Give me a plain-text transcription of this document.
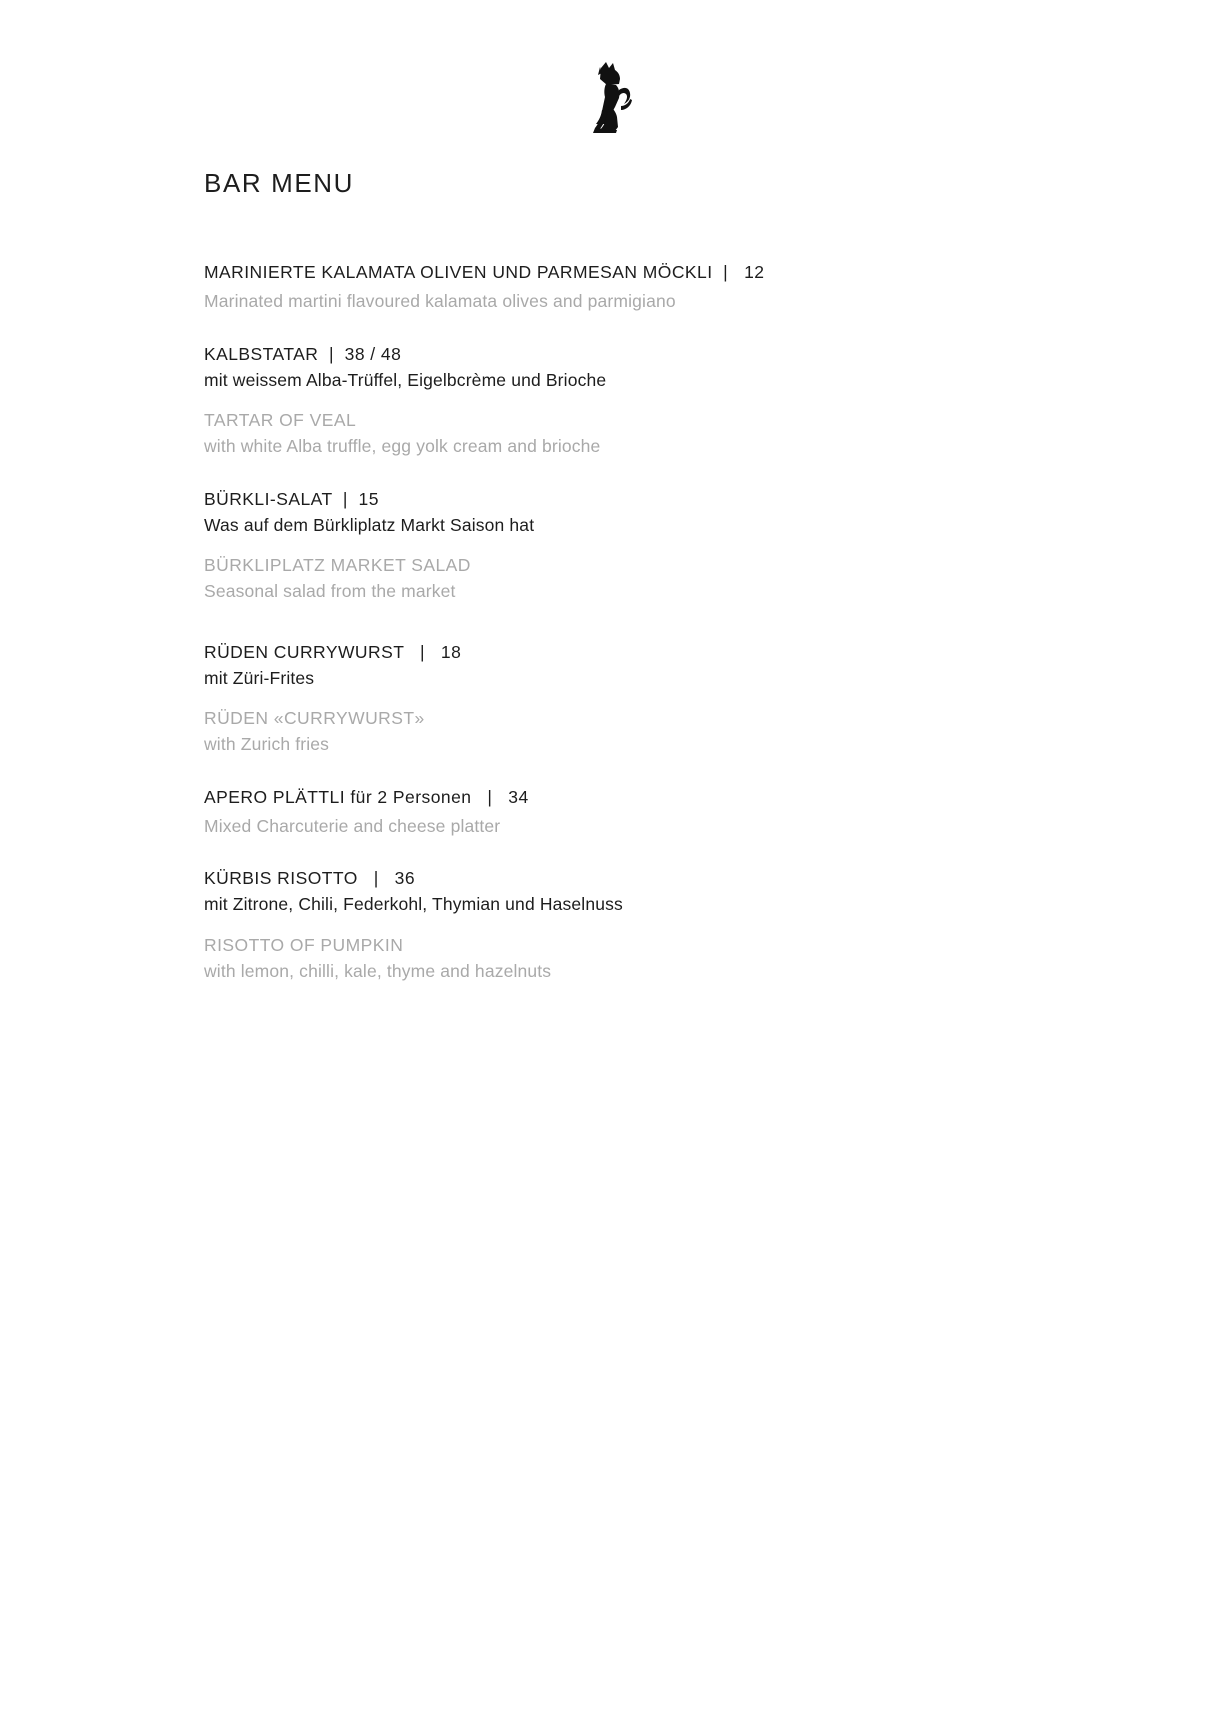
BAR MENU
MARINIERTE KALAMATA OLIVEN UND PARMESAN MÖCKLI  |   12
Marinated martini flavoured kalamata olives and parmigiano
KALBSTATAR  |  38 / 48
mit weissem Alba-Trüffel, Eigelbcrème und Brioche
TARTAR OF VEAL
with white Alba truffle, egg yolk cream and brioche
BÜRKLI-SALAT  |  15
Was auf dem Bürkliplatz Markt Saison hat
BÜRKLIPLATZ MARKET SALAD
Seasonal salad from the market
RÜDEN CURRYWURST   |   18
mit Züri-Frites
RÜDEN «CURRYWURST»
with Zurich fries
APERO PLÄTTLI für 2 Personen   |   34
Mixed Charcuterie and cheese platter
KÜRBIS RISOTTO   |   36
mit Zitrone, Chili, Federkohl, Thymian und Haselnuss
RISOTTO OF PUMPKIN
with lemon, chilli, kale, thyme and hazelnuts
